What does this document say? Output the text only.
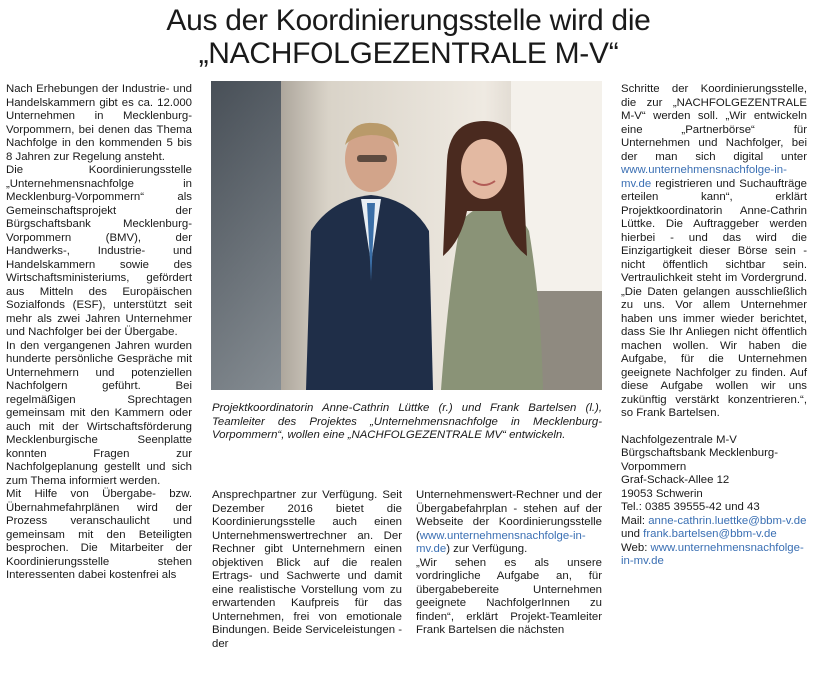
Aus der Koordinierungsstelle wird die
„NACHFOLGEZENTRALE M-V“

Nach Erhebungen der Industrie- und Handelskammern gibt es ca. 12.000 Unternehmen in Mecklenburg-Vorpommern, bei denen das Thema Nachfolge in den kommenden 5 bis 8 Jahren zur Regelung ansteht.

Die Koordinierungsstelle „Unternehmensnachfolge in Mecklenburg-Vorpommern“ als Gemeinschaftsprojekt der Bürgschaftsbank Mecklenburg-Vorpommern (BMV), der Handwerks-, Industrie- und Handelskammern sowie des Wirtschaftsministeriums, gefördert aus Mitteln des Europäischen Sozialfonds (ESF), unterstützt seit mehr als zwei Jahren Unternehmer und Nachfolger bei der Übergabe.

In den vergangenen Jahren wurden hunderte persönliche Gespräche mit Unternehmern und potenziellen Nachfolgern geführt. Bei regelmäßigen Sprechtagen gemeinsam mit den Kammern oder auch mit der Wirtschaftsförderung Mecklenburgische Seenplatte konnten Fragen zur Nachfolgeplanung gestellt und sich zum Thema informiert werden.

Mit Hilfe von Übergabe- bzw. Übernahmefahrplänen wird der Prozess veranschaulicht und gemeinsam mit den Beteiligten besprochen. Die Mitarbeiter der Koordinierungsstelle stehen Interessenten dabei kostenfrei als

Projektkoordinatorin Anne-Cathrin Lüttke (r.) und Frank Bartelsen (l.), Teamleiter des Projektes „Unternehmensnachfolge in Mecklenburg-Vorpommern“, wollen eine „NACHFOLGEZENTRALE MV“ entwickeln.

Ansprechpartner zur Verfügung. Seit Dezember 2016 bietet die Koordinierungsstelle auch einen Unternehmenswertrechner an. Der Rechner gibt Unternehmern einen objektiven Blick auf die realen Ertrags- und Sachwerte und damit eine realistische Vorstellung vom zu erwartenden Kaufpreis für das Unternehmen, frei von emotionale Bindungen. Beide Serviceleistungen - der

Unternehmenswert-Rechner und der Übergabefahrplan - stehen auf der Webseite der Koordinierungsstelle (www.unternehmensnachfolge-in-mv.de) zur Verfügung.

„Wir sehen es als unsere vordringliche Aufgabe an, für übergabebereite Unternehmen geeignete NachfolgerInnen zu finden“, erklärt Projekt-Teamleiter Frank Bartelsen die nächsten

Schritte der Koordinierungsstelle, die zur „NACHFOLGEZENTRALE M-V“ werden soll. „Wir entwickeln eine „Partnerbörse“ für Unternehmen und Nachfolger, bei der man sich digital unter www.unternehmensnachfolge-in-mv.de registrieren und Suchaufträge erteilen kann“, erklärt Projektkoordinatorin Anne-Cathrin Lüttke. Die Auftraggeber werden hierbei - und das wird die Einzigartigkeit dieser Börse sein - nicht öffentlich sichtbar sein. Vertraulichkeit steht im Vordergrund. „Die Daten gelangen ausschließlich zu uns. Vor allem Unternehmer haben uns immer wieder berichtet, dass Sie Ihr Anliegen nicht öffentlich machen wollen. Wir haben die Aufgabe, für die Unternehmen geeignete Nachfolger zu finden. Auf diese Aufgabe wollen wir uns zukünftig verstärkt konzentrieren.“, so Frank Bartelsen.

Nachfolgezentrale M-V
Bürgschaftsbank Mecklenburg-Vorpommern
Graf-Schack-Allee 12
19053 Schwerin
Tel.: 0385 39555-42 und 43
Mail: anne-cathrin.luettke@bbm-v.de und frank.bartelsen@bbm-v.de
Web: www.unternehmensnachfolge-in-mv.de
